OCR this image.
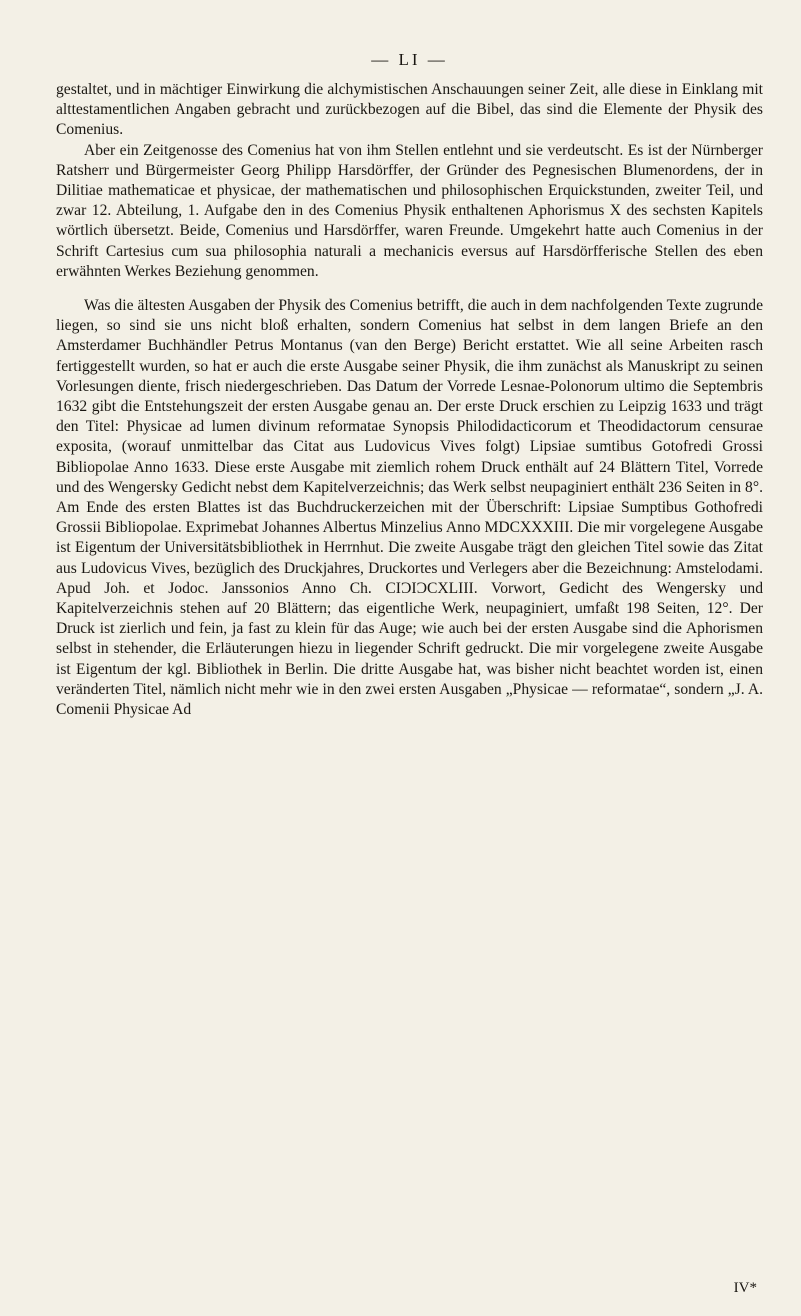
— LI —

gestaltet, und in mächtiger Einwirkung die alchymistischen Anschauungen seiner Zeit, alle diese in Einklang mit alttestamentlichen Angaben gebracht und zurückbezogen auf die Bibel, das sind die Elemente der Physik des Comenius.

Aber ein Zeitgenosse des Comenius hat von ihm Stellen entlehnt und sie verdeutscht. Es ist der Nürnberger Ratsherr und Bürgermeister Georg Philipp Harsdörffer, der Gründer des Pegnesischen Blumenordens, der in Dilitiae mathematicae et physicae, der mathematischen und philosophischen Erquickstunden, zweiter Teil, und zwar 12. Abteilung, 1. Aufgabe den in des Comenius Physik enthaltenen Aphorismus X des sechsten Kapitels wörtlich übersetzt. Beide, Comenius und Harsdörffer, waren Freunde. Umgekehrt hatte auch Comenius in der Schrift Cartesius cum sua philosophia naturali a mechanicis eversus auf Harsdörfferische Stellen des eben erwähnten Werkes Beziehung genommen.

Was die ältesten Ausgaben der Physik des Comenius betrifft, die auch in dem nachfolgenden Texte zugrunde liegen, so sind sie uns nicht bloß erhalten, sondern Comenius hat selbst in dem langen Briefe an den Amsterdamer Buchhändler Petrus Montanus (van den Berge) Bericht erstattet. Wie all seine Arbeiten rasch fertiggestellt wurden, so hat er auch die erste Ausgabe seiner Physik, die ihm zunächst als Manuskript zu seinen Vorlesungen diente, frisch niedergeschrieben. Das Datum der Vorrede Lesnae-Polonorum ultimo die Septembris 1632 gibt die Entstehungszeit der ersten Ausgabe genau an. Der erste Druck erschien zu Leipzig 1633 und trägt den Titel: Physicae ad lumen divinum reformatae Synopsis Philodidacticorum et Theodidactorum censurae exposita, (worauf unmittelbar das Citat aus Ludovicus Vives folgt) Lipsiae sumtibus Gotofredi Grossi Bibliopolae Anno 1633. Diese erste Ausgabe mit ziemlich rohem Druck enthält auf 24 Blättern Titel, Vorrede und des Wengersky Gedicht nebst dem Kapitelverzeichnis; das Werk selbst neupaginiert enthält 236 Seiten in 8°. Am Ende des ersten Blattes ist das Buchdruckerzeichen mit der Überschrift: Lipsiae Sumptibus Gothofredi Grossii Bibliopolae. Exprimebat Johannes Albertus Minzelius Anno MDCXXXIII. Die mir vorgelegene Ausgabe ist Eigentum der Universitätsbibliothek in Herrnhut. Die zweite Ausgabe trägt den gleichen Titel sowie das Zitat aus Ludovicus Vives, bezüglich des Druckjahres, Druckortes und Verlegers aber die Bezeichnung: Amstelodami. Apud Joh. et Jodoc. Janssonios Anno Ch. CIƆIƆCXLIII. Vorwort, Gedicht des Wengersky und Kapitelverzeichnis stehen auf 20 Blättern; das eigentliche Werk, neupaginiert, umfaßt 198 Seiten, 12°. Der Druck ist zierlich und fein, ja fast zu klein für das Auge; wie auch bei der ersten Ausgabe sind die Aphorismen selbst in stehender, die Erläuterungen hiezu in liegender Schrift gedruckt. Die mir vorgelegene zweite Ausgabe ist Eigentum der kgl. Bibliothek in Berlin. Die dritte Ausgabe hat, was bisher nicht beachtet worden ist, einen veränderten Titel, nämlich nicht mehr wie in den zwei ersten Ausgaben „Physicae — reformatae“, sondern „J. A. Comenii Physicae Ad

IV*
